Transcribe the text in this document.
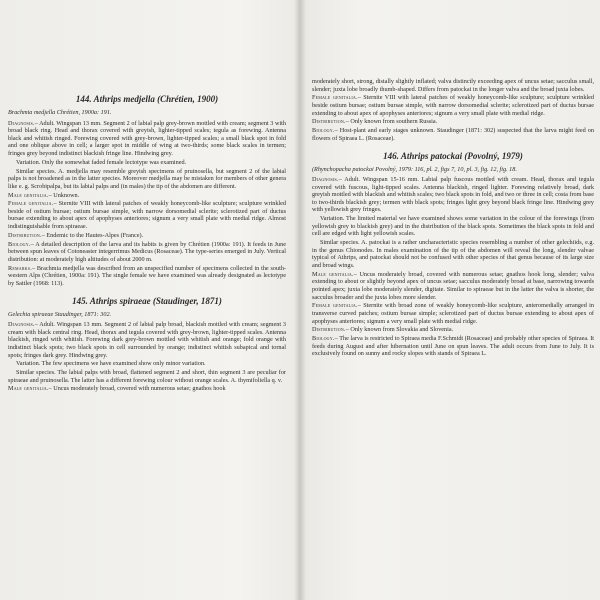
144. Athrips medjella (Chrétien, 1900)

Brachmia medjella Chrétien, 1900a: 191.

Diagnosis.– Adult. Wingspan 13 mm. Segment 2 of labial palp grey-brown mottled with cream; segment 3 with broad black ring. Head and thorax covered with greyish, lighter-tipped scales; tegula as forewing. Antenna black and whitish ringed. Forewing covered with grey-brown, lighter-tipped scales; a small black spot in fold and one oblique above in cell; a larger spot in middle of wing at two-thirds; some black scales in termen; fringes grey beyond indistinct blackish fringe line. Hindwing grey.

Variation. Only the somewhat faded female lectotype was examined.

Similar species. A. medjella may resemble greyish specimens of pruinosella, but segment 2 of the labial palps is not broadened as in the latter species. Moreover medjella may be mistaken for members of other genera like e. g. Scrobipalpa, but its labial palps and (in males) the tip of the abdomen are different.

Male genitalia.– Unknown.

Female genitalia.– Sternite VIII with lateral patches of weakly honeycomb-like sculpture; sculpture wrinkled beside of ostium bursae; ostium bursae simple, with narrow dorsomedial sclerite; sclerotized part of ductus bursae extending to about apex of apophyses anteriores; signum a very small plate with medial ridge. Almost indistinguishable from spiraeae.

Distribution.– Endemic to the Hautes-Alpes (France).

Biology.– A detailed description of the larva and its habits is given by Chrétien (1900a: 191). It feeds in June between spun leaves of Cotoneaster integerrimus Medicus (Rosaceae). The type-series emerged in July. Vertical distribution: at moderately high altitudes of about 2000 m.

Remarks.– Brachmia medjella was described from an unspecified number of specimens collected in the south-western Alps (Chrétien, 1900a: 191). The single female we have examined was already designated as lectotype by Sattler (1968: 113).

145. Athrips spiraeae (Staudinger, 1871)

Gelechia spiraeae Staudinger, 1871: 302.

Diagnosis.– Adult. Wingspan 13 mm. Segment 2 of labial palp broad, blackish mottled with cream; segment 3 cream with black central ring. Head, thorax and tegula covered with grey-brown, lighter-tipped scales. Antenna blackish, ringed with whitish. Forewing dark grey-brown mottled with whitish and orange; fold orange with indistinct black spots; two black spots in cell surrounded by orange; indistinct whitish subapical and tornal spots; fringes dark grey. Hindwing grey.

Variation. The few specimens we have examined show only minor variation.

Similar species. The labial palps with broad, flattened segment 2 and short, thin segment 3 are peculiar for spiraeae and pruinosella. The latter has a different forewing colour without orange scales. A. thymifoliella q. v.

Male genitalia.– Uncus moderately broad, covered with numerous setae; gnathos hook

moderately short, strong, distally slightly inflated; valva distinctly exceeding apex of uncus setae; sacculus small, slender; juxta lobe broadly thumb-shaped. Differs from patockai in the longer valva and the broad juxta lobes.

Female genitalia.– Sternite VIII with lateral patches of weakly honeycomb-like sculpture; sculpture wrinkled beside ostium bursae; ostium bursae simple, with narrow dorsomedial sclerite; sclerotized part of ductus bursae extending to about apex of apophyses anteriores; signum a very small plate with medial ridge.

Distribution.– Only known from southern Russia.

Biology.– Host-plant and early stages unknown. Staudinger (1871: 302) suspected that the larva might feed on flowers of Spiraea L. (Rosaceae).

146. Athrips patockai (Povolný, 1979)

(Rhynchopacha patockai Povolný, 1979: 116, pl. 2, figs 7, 10, pl. 3, fig. 12, fig. 18.

Diagnosis.– Adult. Wingspan 15-16 mm. Labial palp fuscous mottled with cream. Head, thorax and tegula covered with fuscous, light-tipped scales. Antenna blackish, ringed lighter. Forewing relatively broad, dark greyish mottled with blackish and whitish scales; two black spots in fold, and two or three in cell; costa from base to two-thirds blackish grey; termen with black spots; fringes light grey beyond black fringe line. Hindwing grey with yellowish grey fringes.

Variation. The limited material we have examined shows some variation in the colour of the forewings (from yellowish grey to blackish grey) and in the distribution of the black spots. Sometimes the black spots in fold and cell are edged with light yellowish scales.

Similar species. A. patockai is a rather uncharacteristic species resembling a number of other gelechiids, e.g. in the genus Chionodes. In males examination of the tip of the abdomen will reveal the long, slender valvae typical of Athrips, and patockai should not be confused with other species of that genus because of its large size and broad wings.

Male genitalia.– Uncus moderately broad, covered with numerous setae; gnathos hook long, slender; valva extending to about or slightly beyond apex of uncus setae; sacculus moderately broad at base, narrowing towards pointed apex; juxta lobe moderately slender, digitate. Similar to spiraeae but in the latter the valva is shorter, the sacculus broader and the juxta lobes more slender.

Female genitalia.– Sternite with broad zone of weakly honeycomb-like sculpture, anteromedially arranged in transverse curved patches; ostium bursae simple; sclerotized part of ductus bursae extending to about apex of apophyses anteriores; signum a very small plate with medial ridge.

Distribution.– Only known from Slovakia and Slovenia.

Biology.– The larva is restricted to Spiraea media F.Schmidt (Rosaceae) and probably other species of Spiraea. It feeds during August and after hibernation until June on spun leaves. The adult occurs from June to July. It is exclusively found on sunny and rocky slopes with stands of Spiraea L.
